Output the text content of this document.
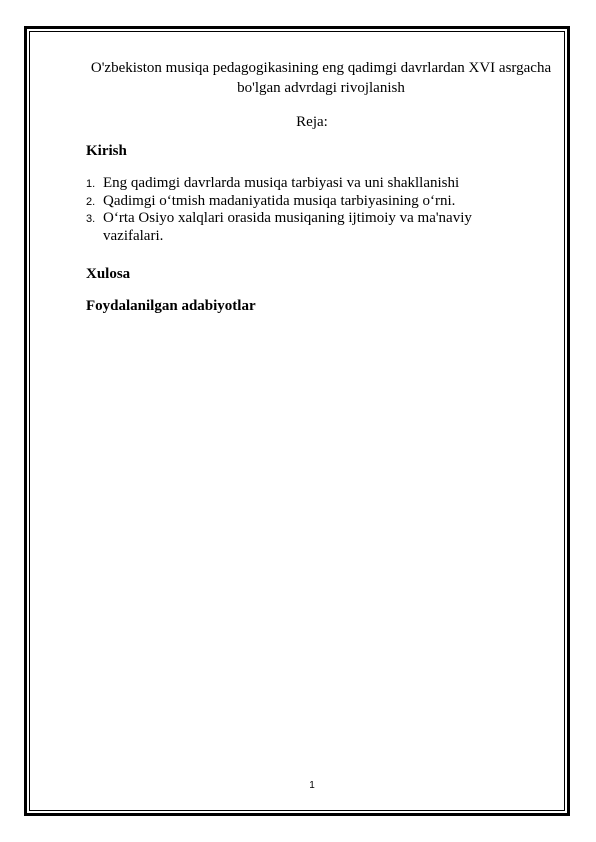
O'zbekiston musiqa pedagogikasining eng qadimgi davrlardan XVI asrgacha bo'lgan advrdagi rivojlanish

Reja:

Kirish

1. Eng qadimgi davrlarda musiqa tarbiyasi va uni shakllanishi
2. Qadimgi o‘tmish madaniyatida musiqa tarbiyasining o‘rni.
3. O‘rta Osiyo xalqlari orasida musiqaning ijtimoiy va ma'naviy vazifalari.

Xulosa

Foydalanilgan adabiyotlar

1
